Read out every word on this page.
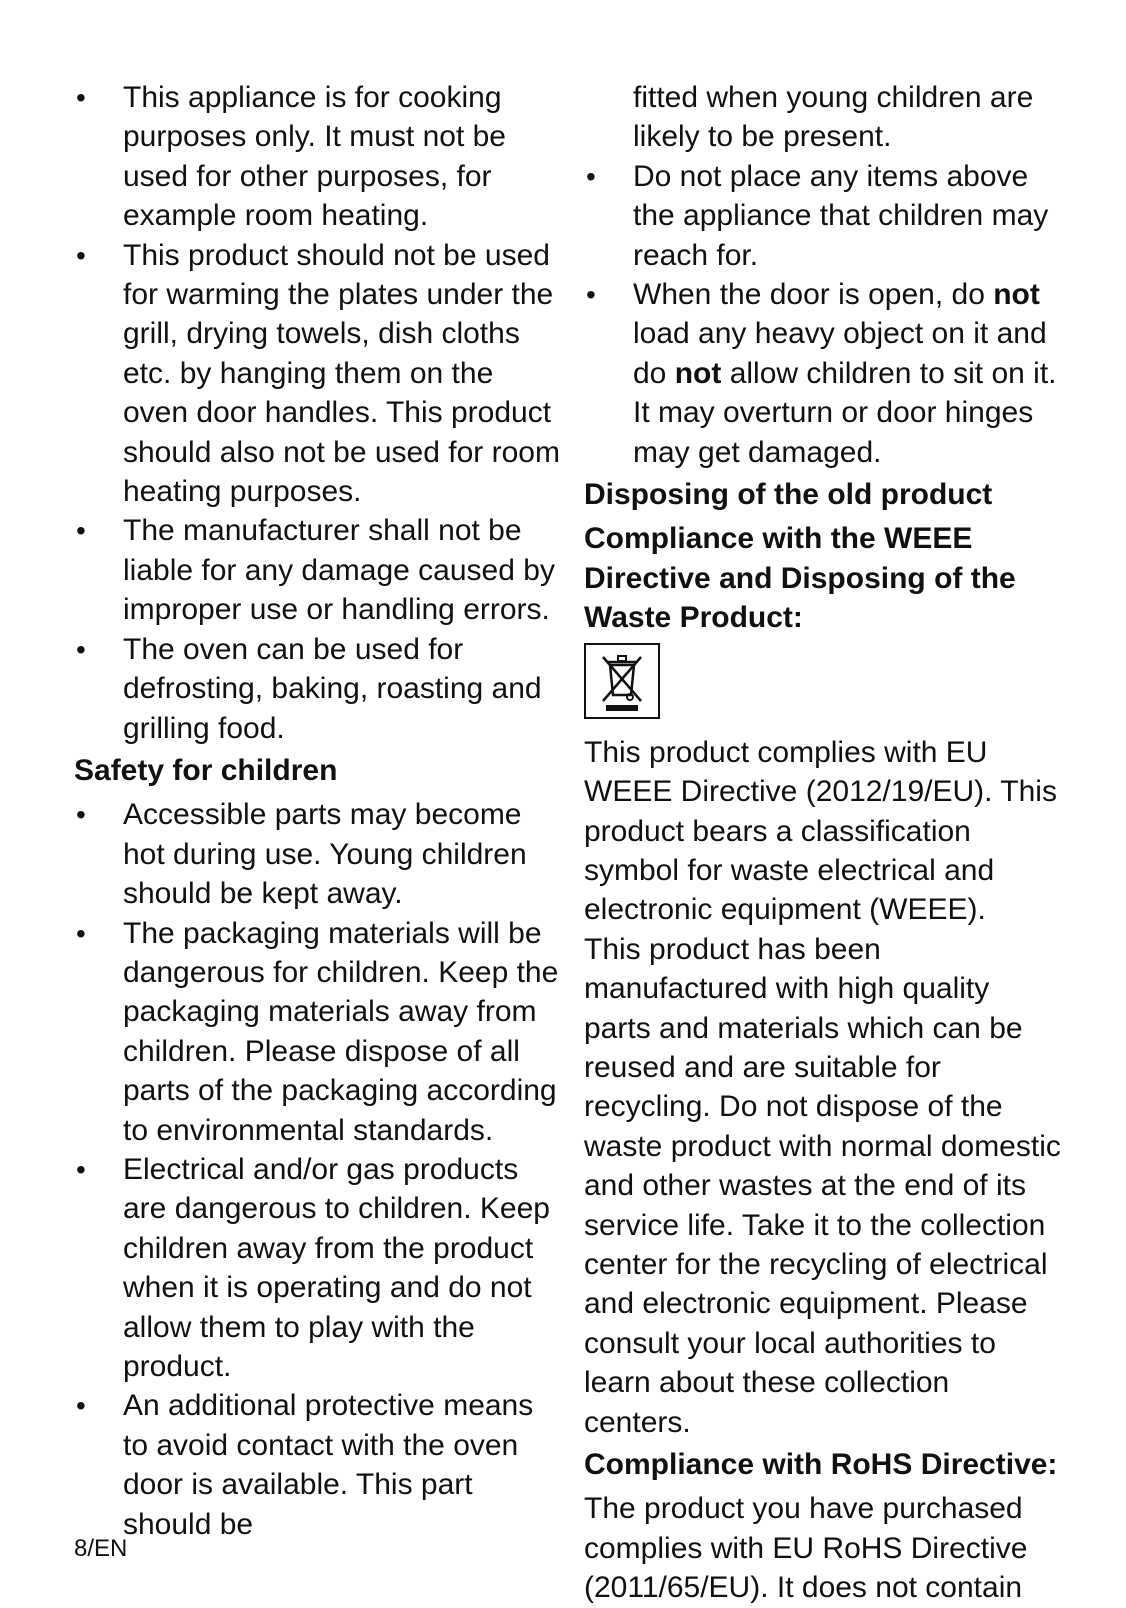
• This appliance is for cooking purposes only. It must not be used for other purposes, for example room heating.
• This product should not be used for warming the plates under the grill, drying towels, dish cloths etc. by hanging them on the oven door handles. This product should also not be used for room heating purposes.
• The manufacturer shall not be liable for any damage caused by improper use or handling errors.
• The oven can be used for defrosting, baking, roasting and grilling food.
Safety for children
• Accessible parts may become hot during use. Young children should be kept away.
• The packaging materials will be dangerous for children. Keep the packaging materials away from children. Please dispose of all parts of the packaging according to environmental standards.
• Electrical and/or gas products are dangerous to children. Keep children away from the product when it is operating and do not allow them to play with the product.
• An additional protective means to avoid contact with the oven door is available. This part should be
fitted when young children are likely to be present.
• Do not place any items above the appliance that children may reach for.
• When the door is open, do not load any heavy object on it and do not allow children to sit on it. It may overturn or door hinges may get damaged.
Disposing of the old product
Compliance with the WEEE Directive and Disposing of the Waste Product:

This product complies with EU WEEE Directive (2012/19/EU). This product bears a classification symbol for waste electrical and electronic equipment (WEEE).

This product has been manufactured with high quality parts and materials which can be reused and are suitable for recycling. Do not dispose of the waste product with normal domestic and other wastes at the end of its service life. Take it to the collection center for the recycling of electrical and electronic equipment. Please consult your local authorities to learn about these collection centers.

Compliance with RoHS Directive:

The product you have purchased complies with EU RoHS Directive (2011/65/EU). It does not contain

8/EN
